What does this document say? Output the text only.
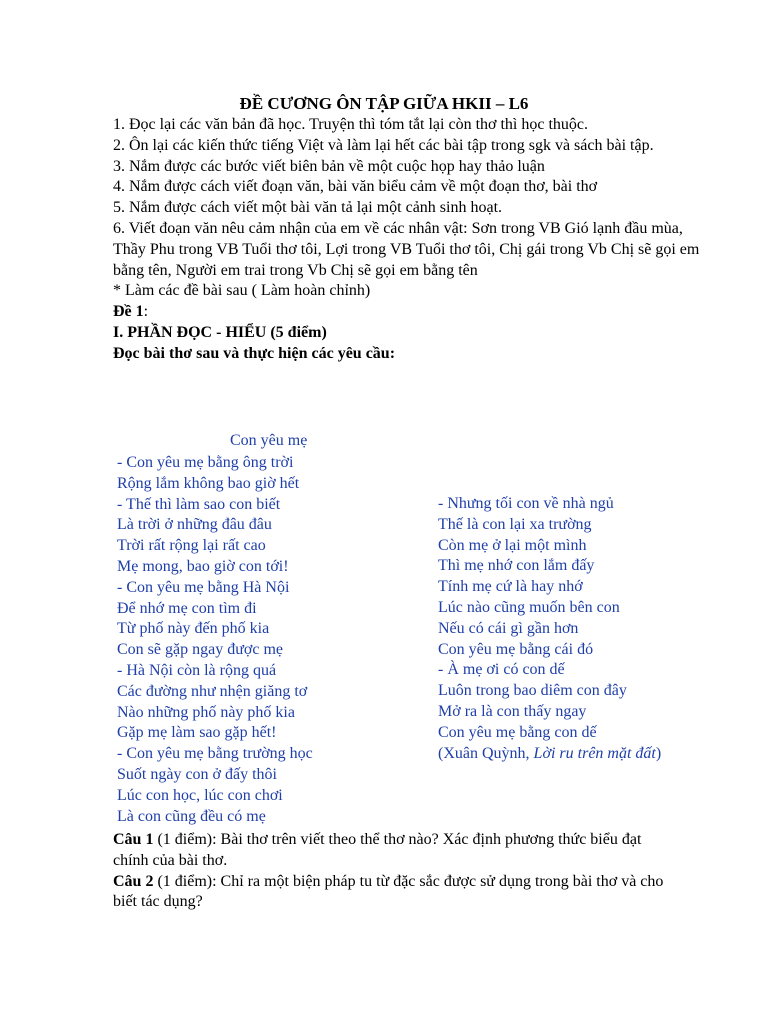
ĐỀ CƯƠNG ÔN TẬP GIỮA HKII – L6

1. Đọc lại các văn bản đã học. Truyện thì tóm tắt lại còn thơ thì học thuộc.

2. Ôn lại các kiến thức tiếng Việt và làm lại hết các bài tập trong sgk và sách bài tập.

3. Nắm được các bước viết biên bản về một cuộc họp hay thảo luận

4. Nắm được cách viết đoạn văn, bài văn biểu cảm về một đoạn thơ, bài thơ

5. Nắm được cách viết một bài văn tả lại một cảnh sinh hoạt.

6. Viết đoạn văn nêu cảm nhận của em về các nhân vật: Sơn trong VB Gió lạnh đầu mùa, Thầy Phu trong VB Tuổi thơ tôi, Lợi trong VB Tuổi thơ tôi, Chị gái trong Vb Chị sẽ gọi em bằng tên, Người em trai trong Vb Chị sẽ gọi em bằng tên

* Làm các đề bài sau ( Làm hoàn chỉnh)

Đề 1:

I. PHẦN ĐỌC - HIỂU (5 điểm)

Đọc bài thơ sau và thực hiện các yêu cầu:

Con yêu mẹ

- Con yêu mẹ bằng ông trời

Rộng lắm không bao giờ hết

- Thế thì làm sao con biết

Là trời ở những đâu đâu

Trời rất rộng lại rất cao

Mẹ mong, bao giờ con tới!

- Con yêu mẹ bằng Hà Nội

Để nhớ mẹ con tìm đi

Từ phố này đến phố kia

Con sẽ gặp ngay được mẹ

- Hà Nội còn là rộng quá

Các đường như nhện giăng tơ

Nào những phố này phố kia

Gặp mẹ làm sao gặp hết!

- Con yêu mẹ bằng trường học

Suốt ngày con ở đấy thôi

Lúc con học, lúc con chơi

Là con cũng đều có mẹ

- Nhưng tối con về nhà ngủ

Thế là con lại xa trường

Còn mẹ ở lại một mình

Thì mẹ nhớ con lắm đấy

Tính mẹ cứ là hay nhớ

Lúc nào cũng muốn bên con

Nếu có cái gì gần hơn

Con yêu mẹ bằng cái đó

- À mẹ ơi có con dế

Luôn trong bao diêm con đây

Mở ra là con thấy ngay

Con yêu mẹ bằng con dế

(Xuân Quỳnh, Lời ru trên mặt đất)

Câu 1 (1 điểm): Bài thơ trên viết theo thể thơ nào? Xác định phương thức biểu đạt chính của bài thơ.

Câu 2 (1 điểm): Chỉ ra một biện pháp tu từ đặc sắc được sử dụng trong bài thơ và cho biết tác dụng?
